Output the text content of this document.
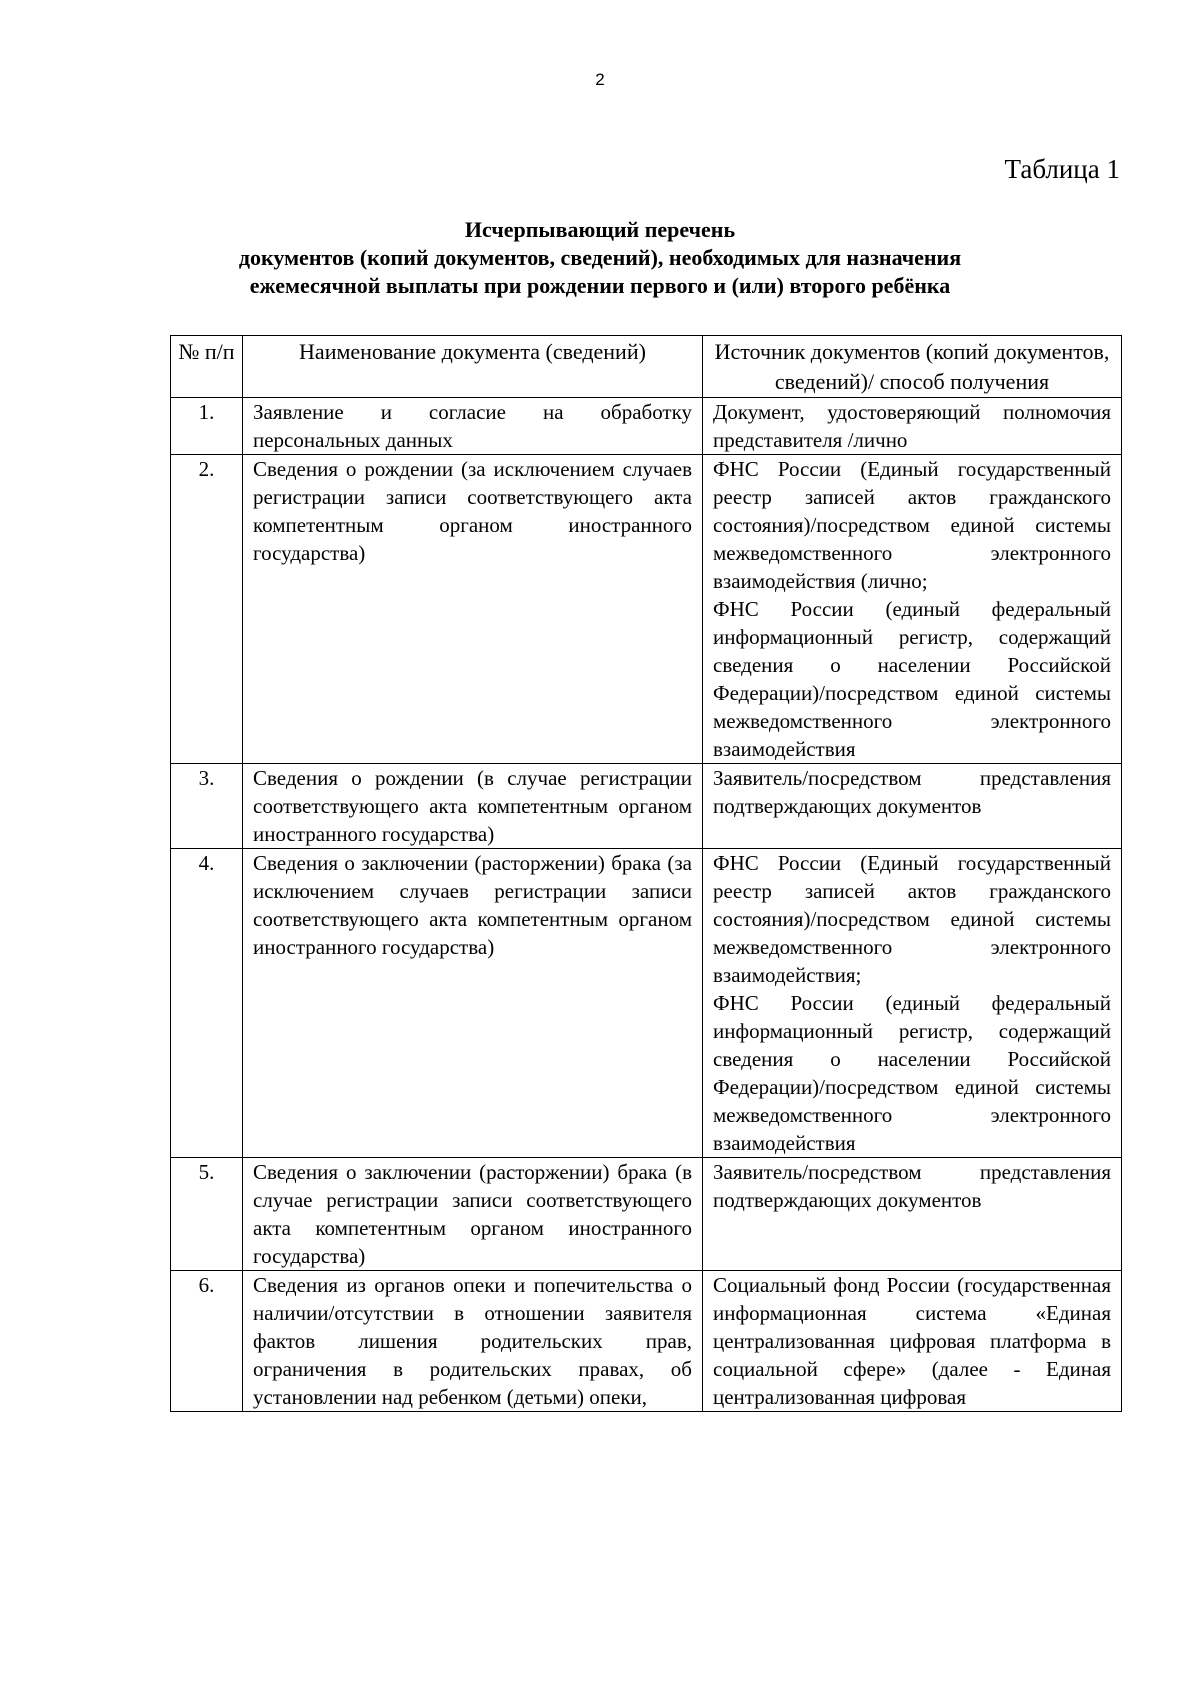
2
Таблица 1
Исчерпывающий перечень
документов (копий документов, сведений), необходимых для назначения
ежемесячной выплаты при рождении первого и (или) второго ребёнка
№ п/п	Наименование документа (сведений)	Источник документов (копий документов, сведений)/ способ получения
1.	Заявление и согласие на обработку персональных данных	Документ, удостоверяющий полномочия представителя /лично

2.	Сведения о рождении (за исключением случаев регистрации записи соответствующего акта компетентным органом иностранного государства)	ФНС России (Единый государственный реестр записей актов гражданского состояния)/посредством единой системы межведомственного электронного взаимодействия (лично;
ФНС России (единый федеральный информационный регистр, содержащий сведения о населении Российской Федерации)/посредством единой системы межведомственного электронного взаимодействия

3.	Сведения о рождении (в случае регистрации соответствующего акта компетентным органом иностранного государства)	Заявитель/посредством представления подтверждающих документов

4.	Сведения о заключении (расторжении) брака (за исключением случаев регистрации записи соответствующего акта компетентным органом иностранного государства)	ФНС России (Единый государственный реестр записей актов гражданского состояния)/посредством единой системы межведомственного электронного взаимодействия;
ФНС России (единый федеральный информационный регистр, содержащий сведения о населении Российской Федерации)/посредством единой системы межведомственного электронного взаимодействия

5.	Сведения о заключении (расторжении) брака (в случае регистрации записи соответствующего акта компетентным органом иностранного государства)	Заявитель/посредством представления подтверждающих документов

6.	Сведения из органов опеки и попечительства о наличии/отсутствии в отношении заявителя фактов лишения родительских прав, ограничения в родительских правах, об установлении над ребенком (детьми) опеки,	Социальный фонд России (государственная информационная система «Единая централизованная цифровая платформа в социальной сфере» (далее - Единая централизованная цифровая
